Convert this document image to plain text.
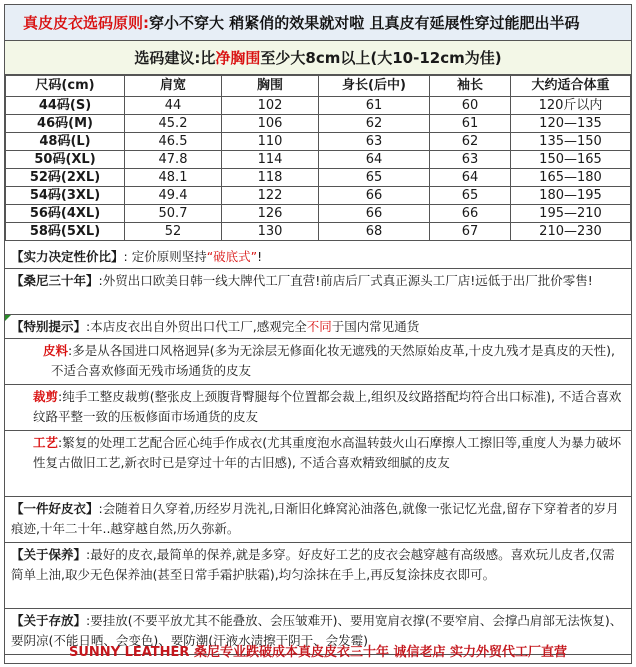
真皮皮衣选码原则: 穿小不穿大 稍紧俏的效果就对啦 且真皮有延展性穿过能肥出半码
选码建议:比 净胸围 至少大8cm以上(大10-12cm为佳)
尺码(cm)	肩宽	胸围	身长(后中)	袖长	大约适合体重
44码(S)	44	102	61	60	120斤以内
46码(M)	45.2	106	62	61	120—135
48码(L)	46.5	110	63	62	135—150
50码(XL)	47.8	114	64	63	150—165
52码(2XL)	48.1	118	65	64	165—180
54码(3XL)	49.4	122	66	65	180—195
56码(4XL)	50.7	126	66	66	195—210
58码(5XL)	52	130	68	67	210—230
【实力决定性价比】: 定价原则坚持“破底式”!
【桑尼三十年】:外贸出口欧美日韩一线大牌代工厂直营!前店后厂式真正源头工厂店!远低于出厂批价零售!
【特别提示】:本店皮衣出自外贸出口代工厂,感观完全不同于国内常见通货
皮料:多是从各国进口风格迥异(多为无涂层无修面化妆无遮残的天然原始皮革,十皮九残才是真皮的天性), 不适合喜欢修面无残市场通货的皮友
裁剪:纯手工整皮裁剪(整张皮上颈腹背臀腿每个位置都会裁上,组织及纹路搭配均符合出口标准), 不适合喜欢纹路平整一致的压板修面市场通货的皮友
工艺:繁复的处理工艺配合匠心纯手作成衣(尤其重度泡水高温转鼓火山石摩擦人工擦旧等,重度人为暴力破坏性复古做旧工艺,新衣时已是穿过十年的古旧感), 不适合喜欢精致细腻的皮友
【一件好皮衣】:会随着日久穿着,历经岁月洗礼,日渐旧化蜂窝沁油落色,就像一张记忆光盘,留存下穿着者的岁月痕迹,十年二十年..越穿越自然,历久弥新。
【关于保养】:最好的皮衣,最简单的保养,就是多穿。好皮好工艺的皮衣会越穿越有高级感。喜欢玩儿皮者,仅需简单上油,取少无色保养油(甚至日常手霜护肤霜),均匀涂抹在手上,再反复涂抹皮衣即可。
【关于存放】:要挂放(不要平放尤其不能叠放、会压皱难开)、要用宽肩衣撑(不要窄肩、会撑凸肩部无法恢复)、要阴凉(不能日晒、会变色)、要防潮(汗液水渍擦干阴干、会发霉)
SUNNY LEATHER 桑尼专业跌破成本真皮皮衣三十年 诚信老店 实力外贸代工厂直营
